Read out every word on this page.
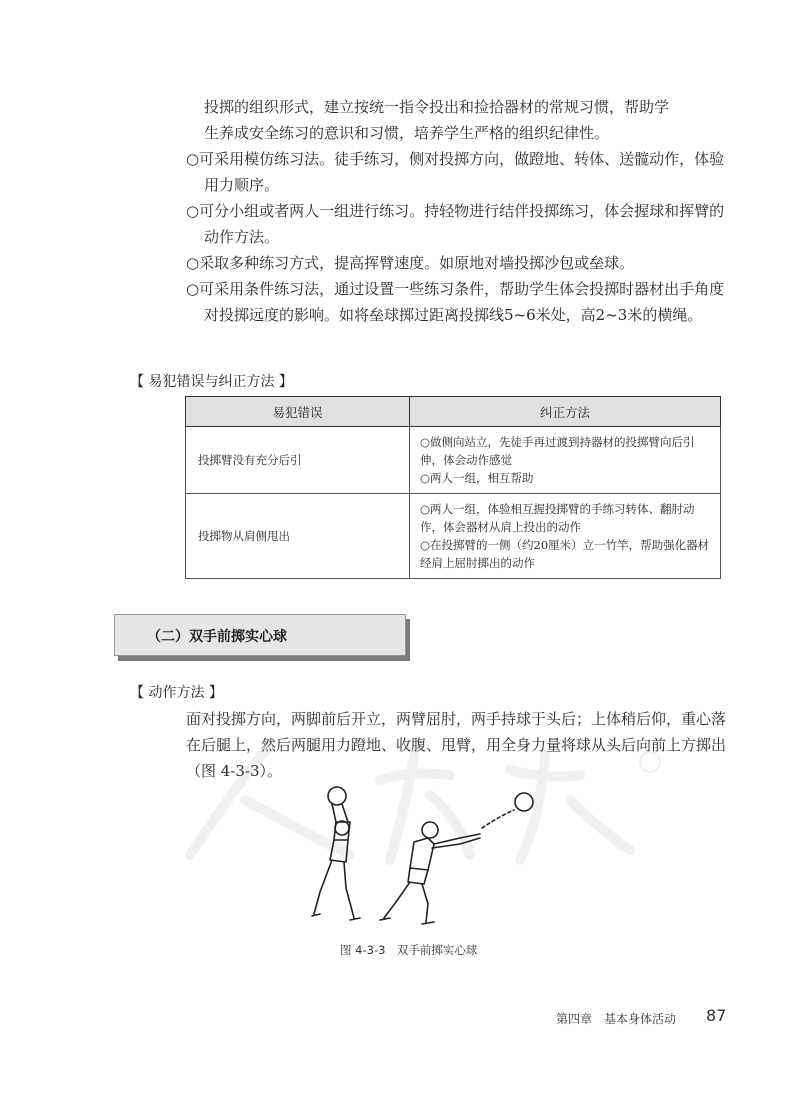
投掷的组织形式，建立按统一指令投出和捡拾器材的常规习惯，帮助学

生养成安全练习的意识和习惯，培养学生严格的组织纪律性。

○可采用模仿练习法。徒手练习，侧对投掷方向，做蹬地、转体、送髋动作，体验用力顺序。

○可分小组或者两人一组进行练习。持轻物进行结伴投掷练习，体会握球和挥臂的动作方法。

○采取多种练习方式，提高挥臂速度。如原地对墙投掷沙包或垒球。

○可采用条件练习法，通过设置一些练习条件，帮助学生体会投掷时器材出手角度对投掷远度的影响。如将垒球掷过距离投掷线5~6米处，高2~3米的横绳。

【 易犯错误与纠正方法 】
易犯错误	纠正方法
投掷臂没有充分后引	○做侧向站立，先徒手再过渡到持器材的投掷臂向后引伸，体会动作感觉
○两人一组，相互帮助

投掷物从肩侧甩出	○两人一组，体验相互握投掷臂的手练习转体、翻肘动作，体会器材从肩上投出的动作
○在投掷臂的一侧（约20厘米）立一竹竿，帮助强化器材经肩上屈肘掷出的动作
（二）双手前掷实心球
【 动作方法 】
面对投掷方向，两脚前后开立，两臂屈肘，两手持球于头后；上体稍后仰，重心落在后腿上，然后两腿用力蹬地、收腹、甩臂，用全身力量将球从头后向前上方掷出（图 4-3-3）。
图 4-3-3　双手前掷实心球
第四章　基本身体活动 87
